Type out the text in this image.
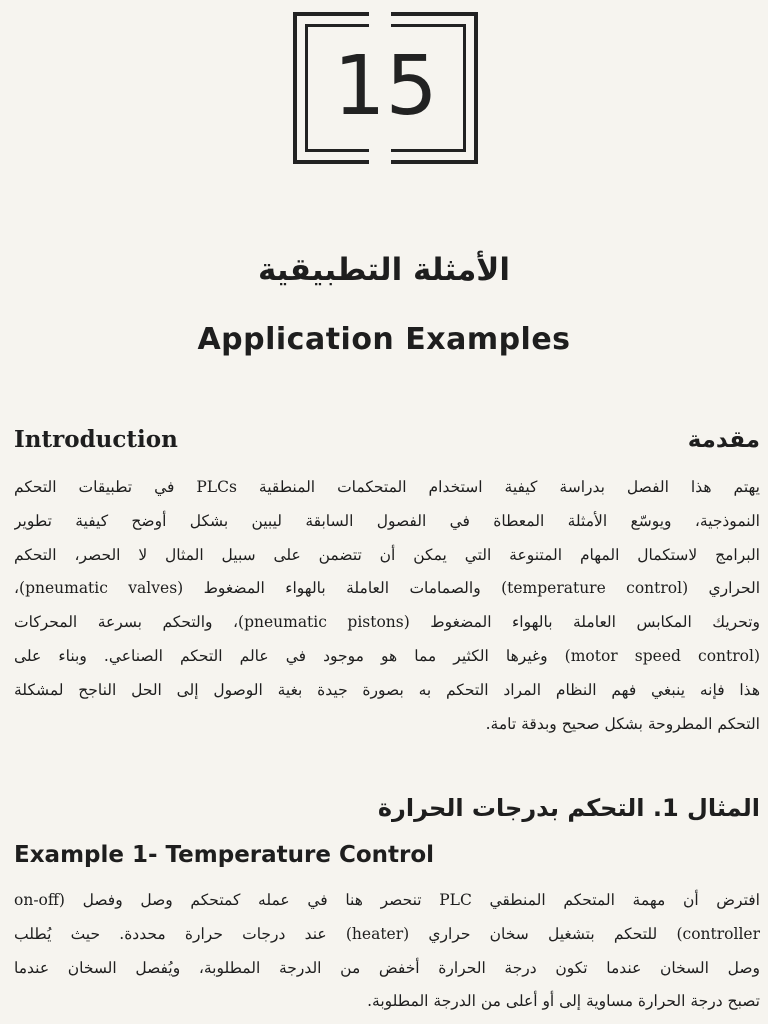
15
الأمثلة التطبيقية
Application Examples
Introduction	مقدمة
يهتم هذا الفصل بدراسة كيفية استخدام المتحكمات المنطقية PLCs في تطبيقات التحكم
النموذجية، ويوسّع الأمثلة المعطاة في الفصول السابقة ليبين بشكل أوضح كيفية تطوير
البرامج لاستكمال المهام المتنوعة التي يمكن أن تتضمن على سبيل المثال لا الحصر، التحكم
الحراري (temperature control) والصمامات العاملة بالهواء المضغوط (pneumatic valves)،
وتحريك المكابس العاملة بالهواء المضغوط (pneumatic pistons)، والتحكم بسرعة المحركات
(motor speed control) وغيرها الكثير مما هو موجود في عالم التحكم الصناعي. وبناء على
هذا فإنه ينبغي فهم النظام المراد التحكم به بصورة جيدة بغية الوصول إلى الحل الناجح لمشكلة
التحكم المطروحة بشكل صحيح وبدقة تامة.
المثال 1. التحكم بدرجات الحرارة
Example 1- Temperature Control
افترض أن مهمة المتحكم المنطقي PLC تنحصر هنا في عمله كمتحكم وصل وفصل (on-off
controller) للتحكم بتشغيل سخان حراري (heater) عند درجات حرارة محددة. حيث يُطلب
وصل السخان عندما تكون درجة الحرارة أخفض من الدرجة المطلوبة، ويُفصل السخان عندما
تصبح درجة الحرارة مساوية إلى أو أعلى من الدرجة المطلوبة.
